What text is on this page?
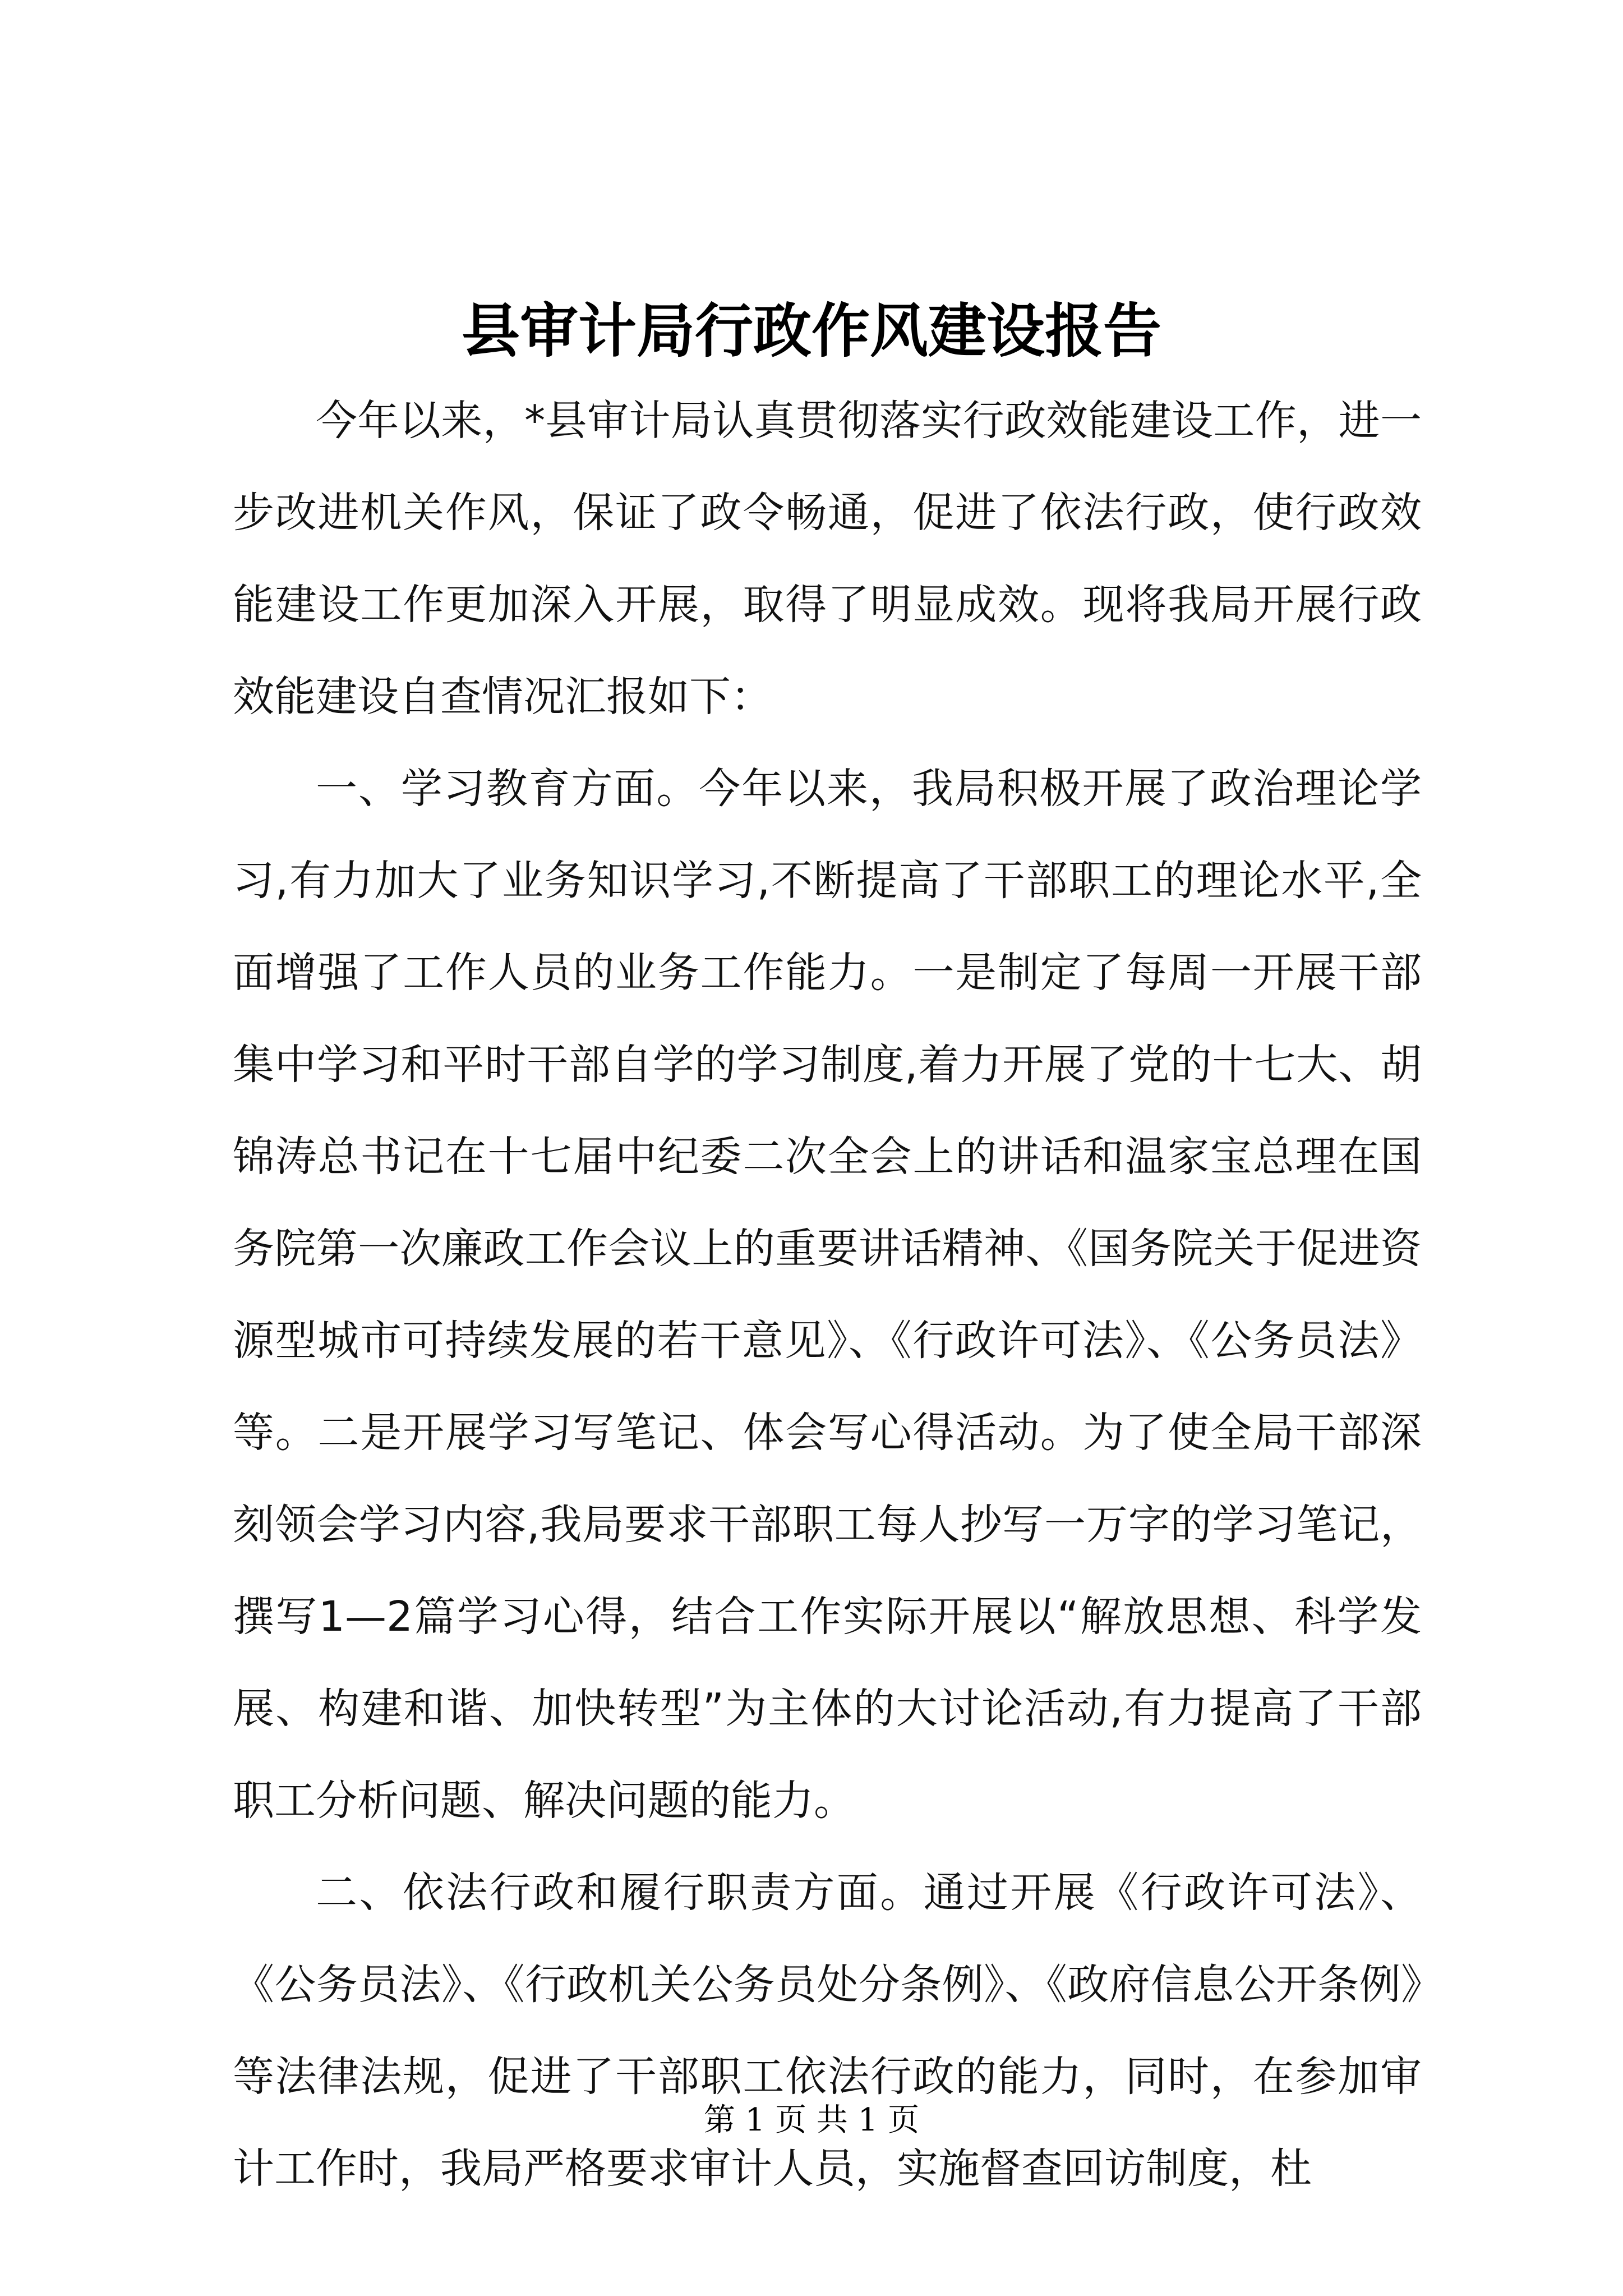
县审计局行政作风建设报告

今年以来，*县审计局认真贯彻落实行政效能建设工作，进一步改进机关作风，保证了政令畅通，促进了依法行政，使行政效能建设工作更加深入开展，取得了明显成效。现将我局开展行政效能建设自查情况汇报如下：

一、学习教育方面。今年以来，我局积极开展了政治理论学习,有力加大了业务知识学习,不断提高了干部职工的理论水平,全面增强了工作人员的业务工作能力。一是制定了每周一开展干部集中学习和平时干部自学的学习制度,着力开展了党的十七大、胡锦涛总书记在十七届中纪委二次全会上的讲话和温家宝总理在国务院第一次廉政工作会议上的重要讲话精神、《国务院关于促进资源型城市可持续发展的若干意见》、《行政许可法》、《公务员法》等。二是开展学习写笔记、体会写心得活动。为了使全局干部深刻领会学习内容,我局要求干部职工每人抄写一万字的学习笔记，撰写1—2篇学习心得，结合工作实际开展以“解放思想、科学发展、构建和谐、加快转型”为主体的大讨论活动,有力提高了干部职工分析问题、解决问题的能力。

二、依法行政和履行职责方面。通过开展《行政许可法》、《公务员法》、《行政机关公务员处分条例》、《政府信息公开条例》等法律法规，促进了干部职工依法行政的能力，同时，在参加审计工作时，我局严格要求审计人员，实施督查回访制度，杜

第 1 页 共 1 页
